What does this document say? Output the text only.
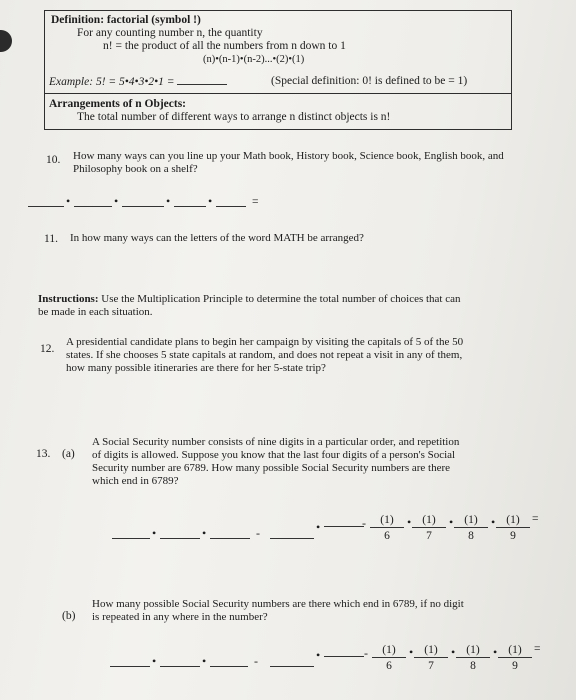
Definition: factorial (symbol !)
For any counting number n, the quantity
n! = the product of all the numbers from n down to 1
(n)•(n-1)•(n-2)...•(2)•(1)
Example: 5! = 5•4•3•2•1 =	(Special definition: 0! is defined to be = 1)
Arrangements of n Objects:
The total number of different ways to arrange n distinct objects is n!
10. How many ways can you line up your Math book, History book, Science book, English book, and
Philosophy book on a shelf?
•	•	•	•	=
11. In how many ways can the letters of the word MATH be arranged?
Instructions: Use the Multiplication Principle to determine the total number of choices that can
be made in each situation.
12.
A presidential candidate plans to begin her campaign by visiting the capitals of 5 of the 50
states. If she chooses 5 state capitals at random, and does not repeat a visit in any of them,
how many possible itineraries are there for her 5-state trip?
13. (a)
A Social Security number consists of nine digits in a particular order, and repetition
of digits is allowed. Suppose you know that the last four digits of a person's Social
Security number are 6789. How many possible Social Security numbers are there
which end in 6789?
•	•	-	•	- $\frac{(1)}{6}$ • $\frac{(1)}{7}$ • $\frac{(1)}{8}$ • $\frac{(1)}{9}$ =
(b)
How many possible Social Security numbers are there which end in 6789, if no digit
is repeated in any where in the number?
•	•	-	•	- $\frac{(1)}{6}$ • $\frac{(1)}{7}$ • $\frac{(1)}{8}$ • $\frac{(1)}{9}$ =
